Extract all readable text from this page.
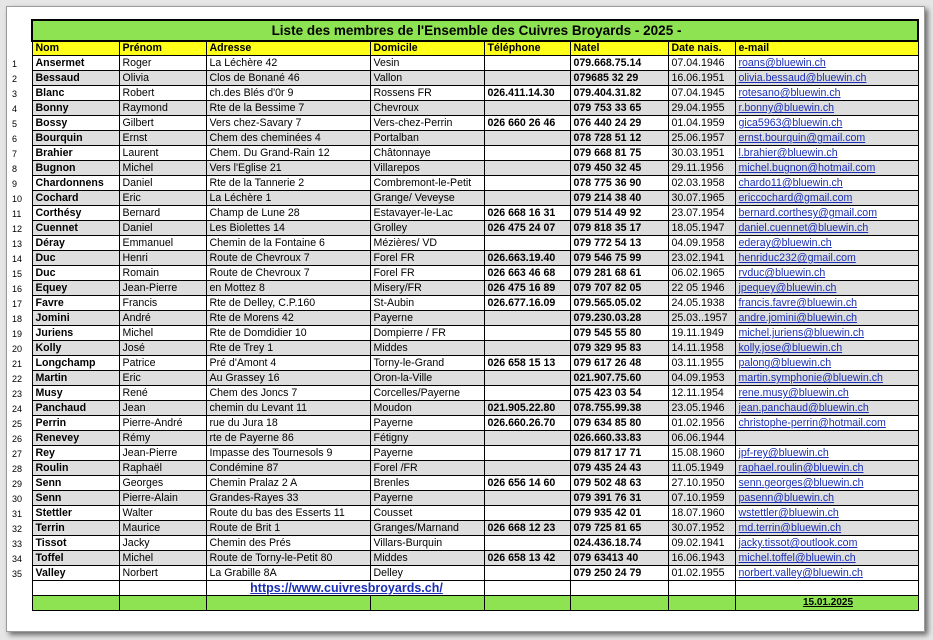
	Liste des membres de l'Ensemble des Cuivres Broyards - 2025 -							
	Nom	Prénom	Adresse	Domicile	Téléphone	Natel	Date nais.	e-mail
1	Ansermet	Roger	La Léchère 42	Vesin		079.668.75.14	07.04.1946	roans@bluewin.ch
2	Bessaud	Olivia	Clos de Bonané 46	Vallon		079685 32 29	16.06.1951	olivia.bessaud@bluewin.ch
3	Blanc	Robert	ch.des Blés d'0r 9	Rossens FR	026.411.14.30	079.404.31.82	07.04.1945	rotesano@bluewin.ch
4	Bonny	Raymond	Rte de la Bessime 7	Chevroux		079 753 33 65	29.04.1955	r.bonny@bluewin.ch
5	Bossy	Gilbert	Vers chez-Savary 7	Vers-chez-Perrin	026 660 26 46	076 440 24 29	01.04.1959	gica5963@bluewin.ch
6	Bourquin	Ernst	Chem des cheminées 4	Portalban		078 728 51 12	25.06.1957	ernst.bourquin@gmail.com
7	Brahier	Laurent	Chem. Du Grand-Rain 12	Châtonnaye		079 668 81 75	30.03.1951	l.brahier@bluewin.ch
8	Bugnon	Michel	Vers l'Eglise 21	Villarepos		079 450 32 45	29.11.1956	michel.bugnon@hotmail.com
9	Chardonnens	Daniel	Rte de la Tannerie 2	Combremont-le-Petit		078 775 36 90	02.03.1958	chardo11@bluewin.ch
10	Cochard	Eric	La Léchère 1	Grange/ Veveyse		079 214 38 40	30.07.1965	ericcochard@gmail.com
11	Corthésy	Bernard	Champ de Lune 28	Estavayer-le-Lac	026 668 16 31	079 514 49 92	23.07.1954	bernard.corthesy@gmail.com
12	Cuennet	Daniel	Les Biolettes 14	Grolley	026 475 24 07	079 818 35 17	18.05.1947	daniel.cuennet@bluewin.ch
13	Déray	Emmanuel	Chemin de la Fontaine 6	Mézières/ VD		079 772 54 13	04.09.1958	ederay@bluewin.ch
14	Duc	Henri	Route de Chevroux 7	Forel FR	026.663.19.40	079 546 75 99	23.02.1941	henriduc232@gmail.com
15	Duc	Romain	Route de Chevroux 7	Forel FR	026 663 46 68	079 281 68 61	06.02.1965	rvduc@bluewin.ch
16	Equey	Jean-Pierre	en Mottez 8	Misery/FR	026 475 16 89	079 707 82 05	22 05 1946	jpequey@bluewin.ch
17	Favre	Francis	Rte de Delley, C.P.160	St-Aubin	026.677.16.09	079.565.05.02	24.05.1938	francis.favre@bluewin.ch
18	Jomini	André	Rte de Morens 42	Payerne		079.230.03.28	25.03..1957	andre.jomini@bluewin.ch
19	Juriens	Michel	Rte de Domdidier 10	Dompierre / FR		079 545 55 80	19.11.1949	michel.juriens@bluewin.ch
20	Kolly	José	Rte de Trey 1	Middes		079 329 95 83	14.11.1958	kolly.jose@bluewin.ch
21	Longchamp	Patrice	Pré d'Amont 4	Torny-le-Grand	026 658 15 13	079 617 26 48	03.11.1955	palong@bluewin.ch
22	Martin	Eric	Au Grassey 16	Oron-la-Ville		021.907.75.60	04.09.1953	martin.symphonie@bluewin.ch
23	Musy	René	Chem des Joncs 7	Corcelles/Payerne		075 423 03 54	12.11.1954	rene.musy@bluewin.ch
24	Panchaud	Jean	chemin du Levant 11	Moudon	021.905.22.80	078.755.99.38	23.05.1946	jean.panchaud@bluewin.ch
25	Perrin	Pierre-André	rue du Jura 18	Payerne	026.660.26.70	079 634 85 80	01.02.1956	christophe-perrin@hotmail.com
26	Renevey	Rémy	rte de Payerne 86	Fétigny		026.660.33.83	06.06.1944	
27	Rey	Jean-Pierre	Impasse des Tournesols 9	Payerne		079 817 17 71	15.08.1960	jpf-rey@bluewin.ch
28	Roulin	Raphaël	Condémine 87	Forel /FR		079 435 24 43	11.05.1949	raphael.roulin@bluewin.ch
29	Senn	Georges	Chemin Pralaz 2 A	Brenles	026 656 14 60	079 502 48 63	27.10.1950	senn.georges@bluewin.ch
30	Senn	Pierre-Alain	Grandes-Rayes 33	Payerne		079 391 76 31	07.10.1959	pasenn@bluewin.ch
31	Stettler	Walter	Route du bas des Esserts 11	Cousset		079 935 42 01	18.07.1960	wstettler@bluewin.ch
32	Terrin	Maurice	Route de Brit 1	Granges/Marnand	026 668 12 23	079 725 81 65	30.07.1952	md.terrin@bluewin.ch
33	Tissot	Jacky	Chemin des Prés	Villars-Burquin		024.436.18.74	09.02.1941	jacky.tissot@outlook.com
34	Toffel	Michel	Route de Torny-le-Petit 80	Middes	026 658 13 42	079 63413 40	16.06.1943	michel.toffel@bluewin.ch
35	Valley	Norbert	La Grabille 8A	Delley		079 250 24 79	01.02.1955	norbert.valley@bluewin.ch
			https://www.cuivresbroyards.ch/					
								15.01.2025
